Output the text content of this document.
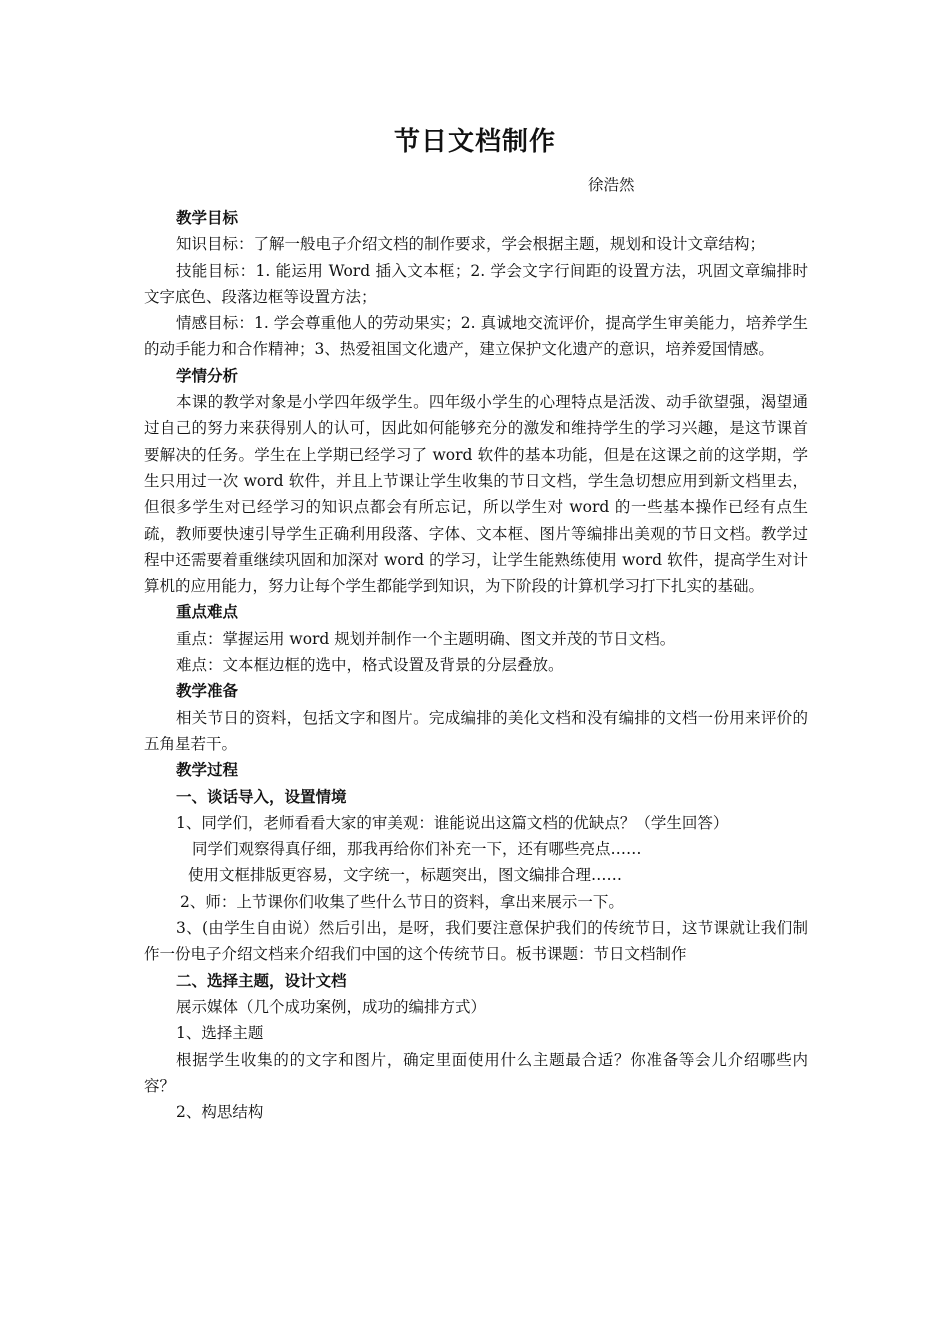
节日文档制作
徐浩然

教学目标

知识目标：了解一般电子介绍文档的制作要求，学会根据主题，规划和设计文章结构；

技能目标：1. 能运用 Word 插入文本框；2. 学会文字行间距的设置方法，巩固文章编排时文字底色、段落边框等设置方法；

情感目标：1. 学会尊重他人的劳动果实；2. 真诚地交流评价，提高学生审美能力，培养学生的动手能力和合作精神；3、热爱祖国文化遗产，建立保护文化遗产的意识，培养爱国情感。

学情分析

本课的教学对象是小学四年级学生。四年级小学生的心理特点是活泼、动手欲望强，渴望通过自己的努力来获得别人的认可，因此如何能够充分的激发和维持学生的学习兴趣，是这节课首要解决的任务。学生在上学期已经学习了 word 软件的基本功能，但是在这课之前的这学期，学生只用过一次 word 软件，并且上节课让学生收集的节日文档，学生急切想应用到新文档里去，但很多学生对已经学习的知识点都会有所忘记，所以学生对 word 的一些基本操作已经有点生疏，教师要快速引导学生正确利用段落、字体、文本框、图片等编排出美观的节日文档。教学过程中还需要着重继续巩固和加深对 word 的学习，让学生能熟练使用 word 软件，提高学生对计算机的应用能力，努力让每个学生都能学到知识，为下阶段的计算机学习打下扎实的基础。

重点难点

重点：掌握运用 word 规划并制作一个主题明确、图文并茂的节日文档。

难点：文本框边框的选中，格式设置及背景的分层叠放。

教学准备

相关节日的资料，包括文字和图片。完成编排的美化文档和没有编排的文档一份用来评价的五角星若干。

教学过程

一、谈话导入，设置情境

1、同学们，老师看看大家的审美观：谁能说出这篇文档的优缺点？（学生回答）

同学们观察得真仔细，那我再给你们补充一下，还有哪些亮点……

使用文框排版更容易，文字统一，标题突出，图文编排合理……

2、师：上节课你们收集了些什么节日的资料，拿出来展示一下。

3、(由学生自由说）然后引出，是呀，我们要注意保护我们的传统节日，这节课就让我们制作一份电子介绍文档来介绍我们中国的这个传统节日。板书课题：节日文档制作

二、选择主题，设计文档

展示媒体（几个成功案例，成功的编排方式）

1、选择主题

根据学生收集的的文字和图片，确定里面使用什么主题最合适？你准备等会儿介绍哪些内容？

2、构思结构
